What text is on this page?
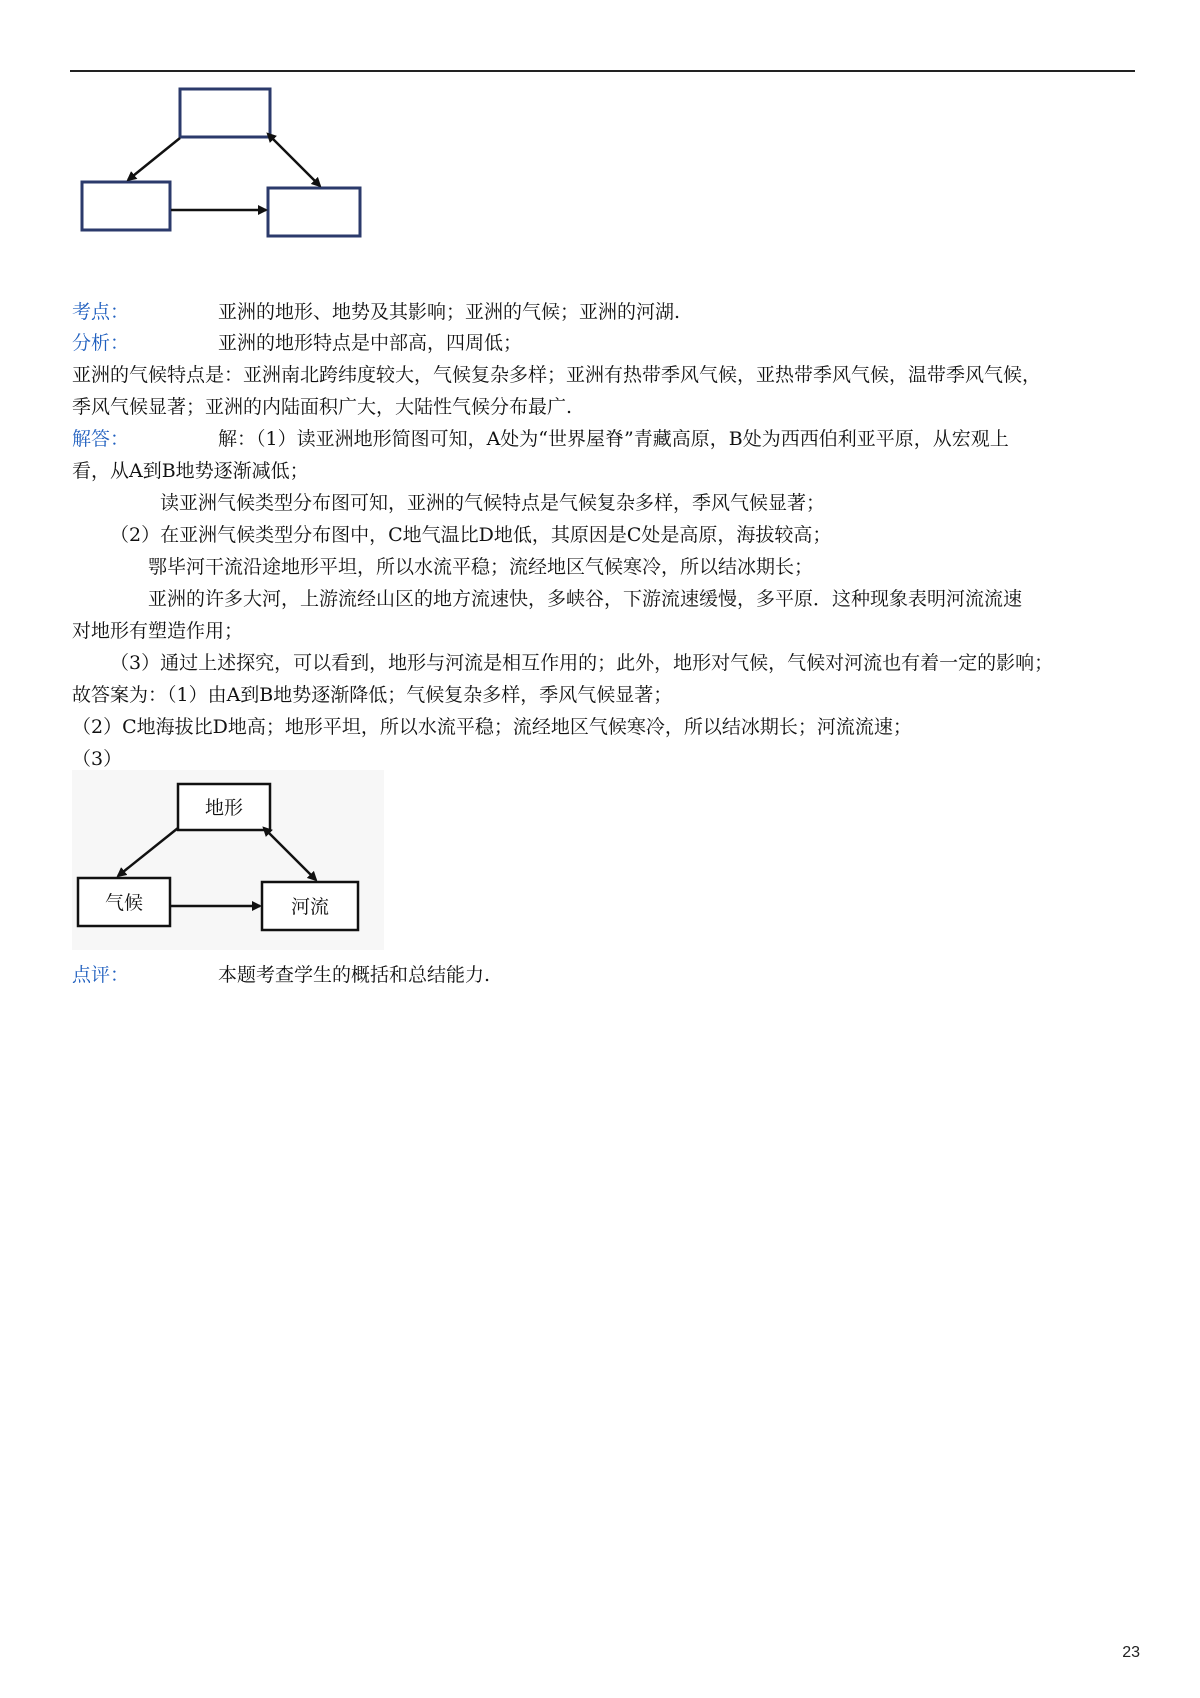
考点：	亚洲的地形、地势及其影响；亚洲的气候；亚洲的河湖.
分析：	亚洲的地形特点是中部高，四周低；
亚洲的气候特点是：亚洲南北跨纬度较大，气候复杂多样；亚洲有热带季风气候，亚热带季风气候，温带季风气候，
季风气候显著；亚洲的内陆面积广大，大陆性气候分布最广.
解答：	解：（1）读亚洲地形简图可知，A处为“世界屋脊”青藏高原，B处为西西伯利亚平原，从宏观上
看，从A到B地势逐渐减低；
读亚洲气候类型分布图可知，亚洲的气候特点是气候复杂多样，季风气候显著；
（2）在亚洲气候类型分布图中，C地气温比D地低，其原因是C处是高原，海拔较高；
鄂毕河干流沿途地形平坦，所以水流平稳；流经地区气候寒冷，所以结冰期长；
亚洲的许多大河，上游流经山区的地方流速快，多峡谷，下游流速缓慢，多平原．这种现象表明河流流速
对地形有塑造作用；
（3）通过上述探究，可以看到，地形与河流是相互作用的；此外，地形对气候，气候对河流也有着一定的影响；
故答案为：（1）由A到B地势逐渐降低；气候复杂多样，季风气候显著；
（2）C地海拔比D地高；地形平坦，所以水流平稳；流经地区气候寒冷，所以结冰期长；河流流速；
（3）
地形
气候	河流
点评：	本题考查学生的概括和总结能力.
23
